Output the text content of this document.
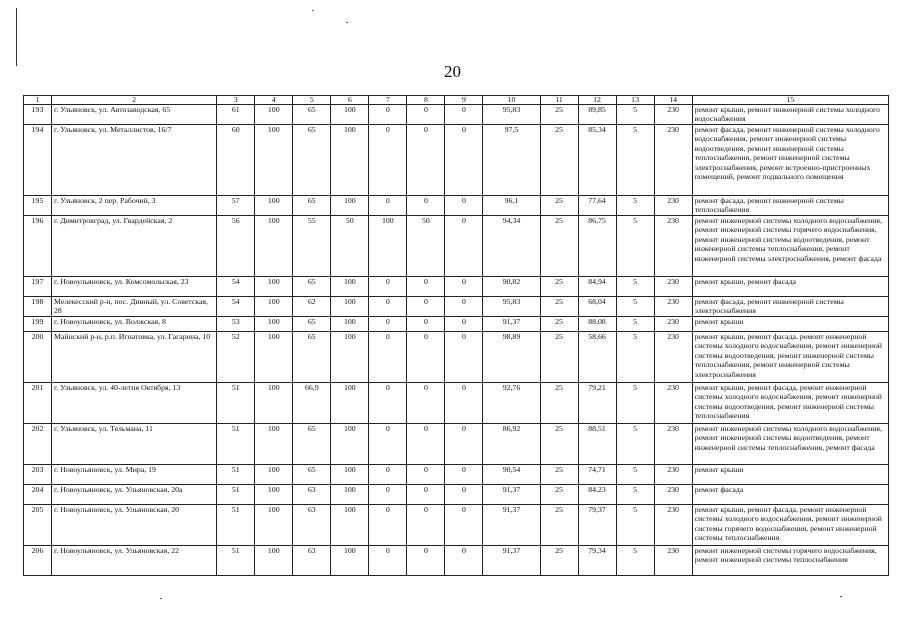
20
1	2	3	4	5	6	7	8	9	10	11	12	13	14	15
193	г. Ульяновск, ул. Автозаводская, 65	61	100	65	100	0	0	0	95,83	25	89,85	5	230	ремонт крыши, ремонт инженерной системы холодного водоснабжения
194	г. Ульяновск, ул. Металлистов, 16/7	60	100	65	100	0	0	0	97,5	25	85,34	5	230	ремонт фасада, ремонт инженерной системы холодного водоснабжения, ремонт инженерной системы водоотведения, ремонт инженерной системы теплоснабжения, ремонт инженерной системы электроснабжения, ремонт встроенно-пристроенных помещений, ремонт подвального помещения
195	г. Ульяновск, 2 пер. Рабочий, 3	57	100	65	100	0	0	0	96,1	25	77,64	5	230	ремонт фасада, ремонт инженерной системы теплоснабжения
196	г. Димитровград, ул. Гвардейская, 2	56	100	55	50	100	50	0	94,34	25	86,75	5	230	ремонт инженерной системы холодного водоснабжения, ремонт инженерной системы горячего водоснабжения, ремонт инженерной системы водоотведения, ремонт инженерной системы теплоснабжения, ремонт инженерной системы электроснабжения, ремонт фасада
197	г. Новоульяновск, ул. Комсомольская, 23	54	100	65	100	0	0	0	90,82	25	84,94	5	230	ремонт крыши, ремонт фасада
198	Мелекесский р-н, пос. Дивный, ул. Советская, 28	54	100	62	100	0	0	0	95,83	25	68,04	5	230	ремонт фасада, ремонт инженерной системы электроснабжения
199	г. Новоульяновск, ул. Волжская, 8	53	100	65	100	0	0	0	91,37	25	88,08	5	230	ремонт крыши
200	Майнский р-н, р.п. Игнатовка, ул. Гагарина, 10	52	100	65	100	0	0	0	98,89	25	58,66	5	230	ремонт крыши, ремонт фасада, ремонт инженерной системы холодного водоснабжения, ремонт инженерной системы водоотведения, ремонт инженерной системы теплоснабжения, ремонт инженерной системы электроснабжения
201	г. Ульяновск, ул. 40-летия Октября, 13	51	100	66,9	100	0	0	0	92,76	25	79,21	5	230	ремонт крыши, ремонт фасада, ремонт инженерной системы холодного водоснабжения, ремонт инженерной системы водоотведения, ремонт инженерной системы теплоснабжения
202	г. Ульяновск, ул. Тельмана, 11	51	100	65	100	0	0	0	86,92	25	88,51	5	230	ремонт инженерной системы холодного водоснабжения, ремонт инженерной системы водоотведения, ремонт инженерной системы теплоснабжения, ремонт фасада
203	г. Новоульяновск, ул. Мира, 19	51	100	65	100	0	0	0	90,54	25	74,71	5	230	ремонт крыши
204	г. Новоульяновск, ул. Ульяновская, 20а	51	100	63	100	0	0	0	91,37	25	84,23	5	230	ремонт фасада
205	г. Новоульяновск, ул. Ульяновская, 20	51	100	63	100	0	0	0	91,37	25	79,37	5	230	ремонт крыши, ремонт фасада, ремонт инженерной системы холодного водоснабжения, ремонт инженерной системы горячего водоснабжения, ремонт инженерной системы теплоснабжения
206	г. Новоульяновск, ул. Ульяновская, 22	51	100	63	100	0	0	0	91,37	25	79,34	5	230	ремонт инженерной системы горячего водоснабжения, ремонт инженерной системы теплоснабжения
